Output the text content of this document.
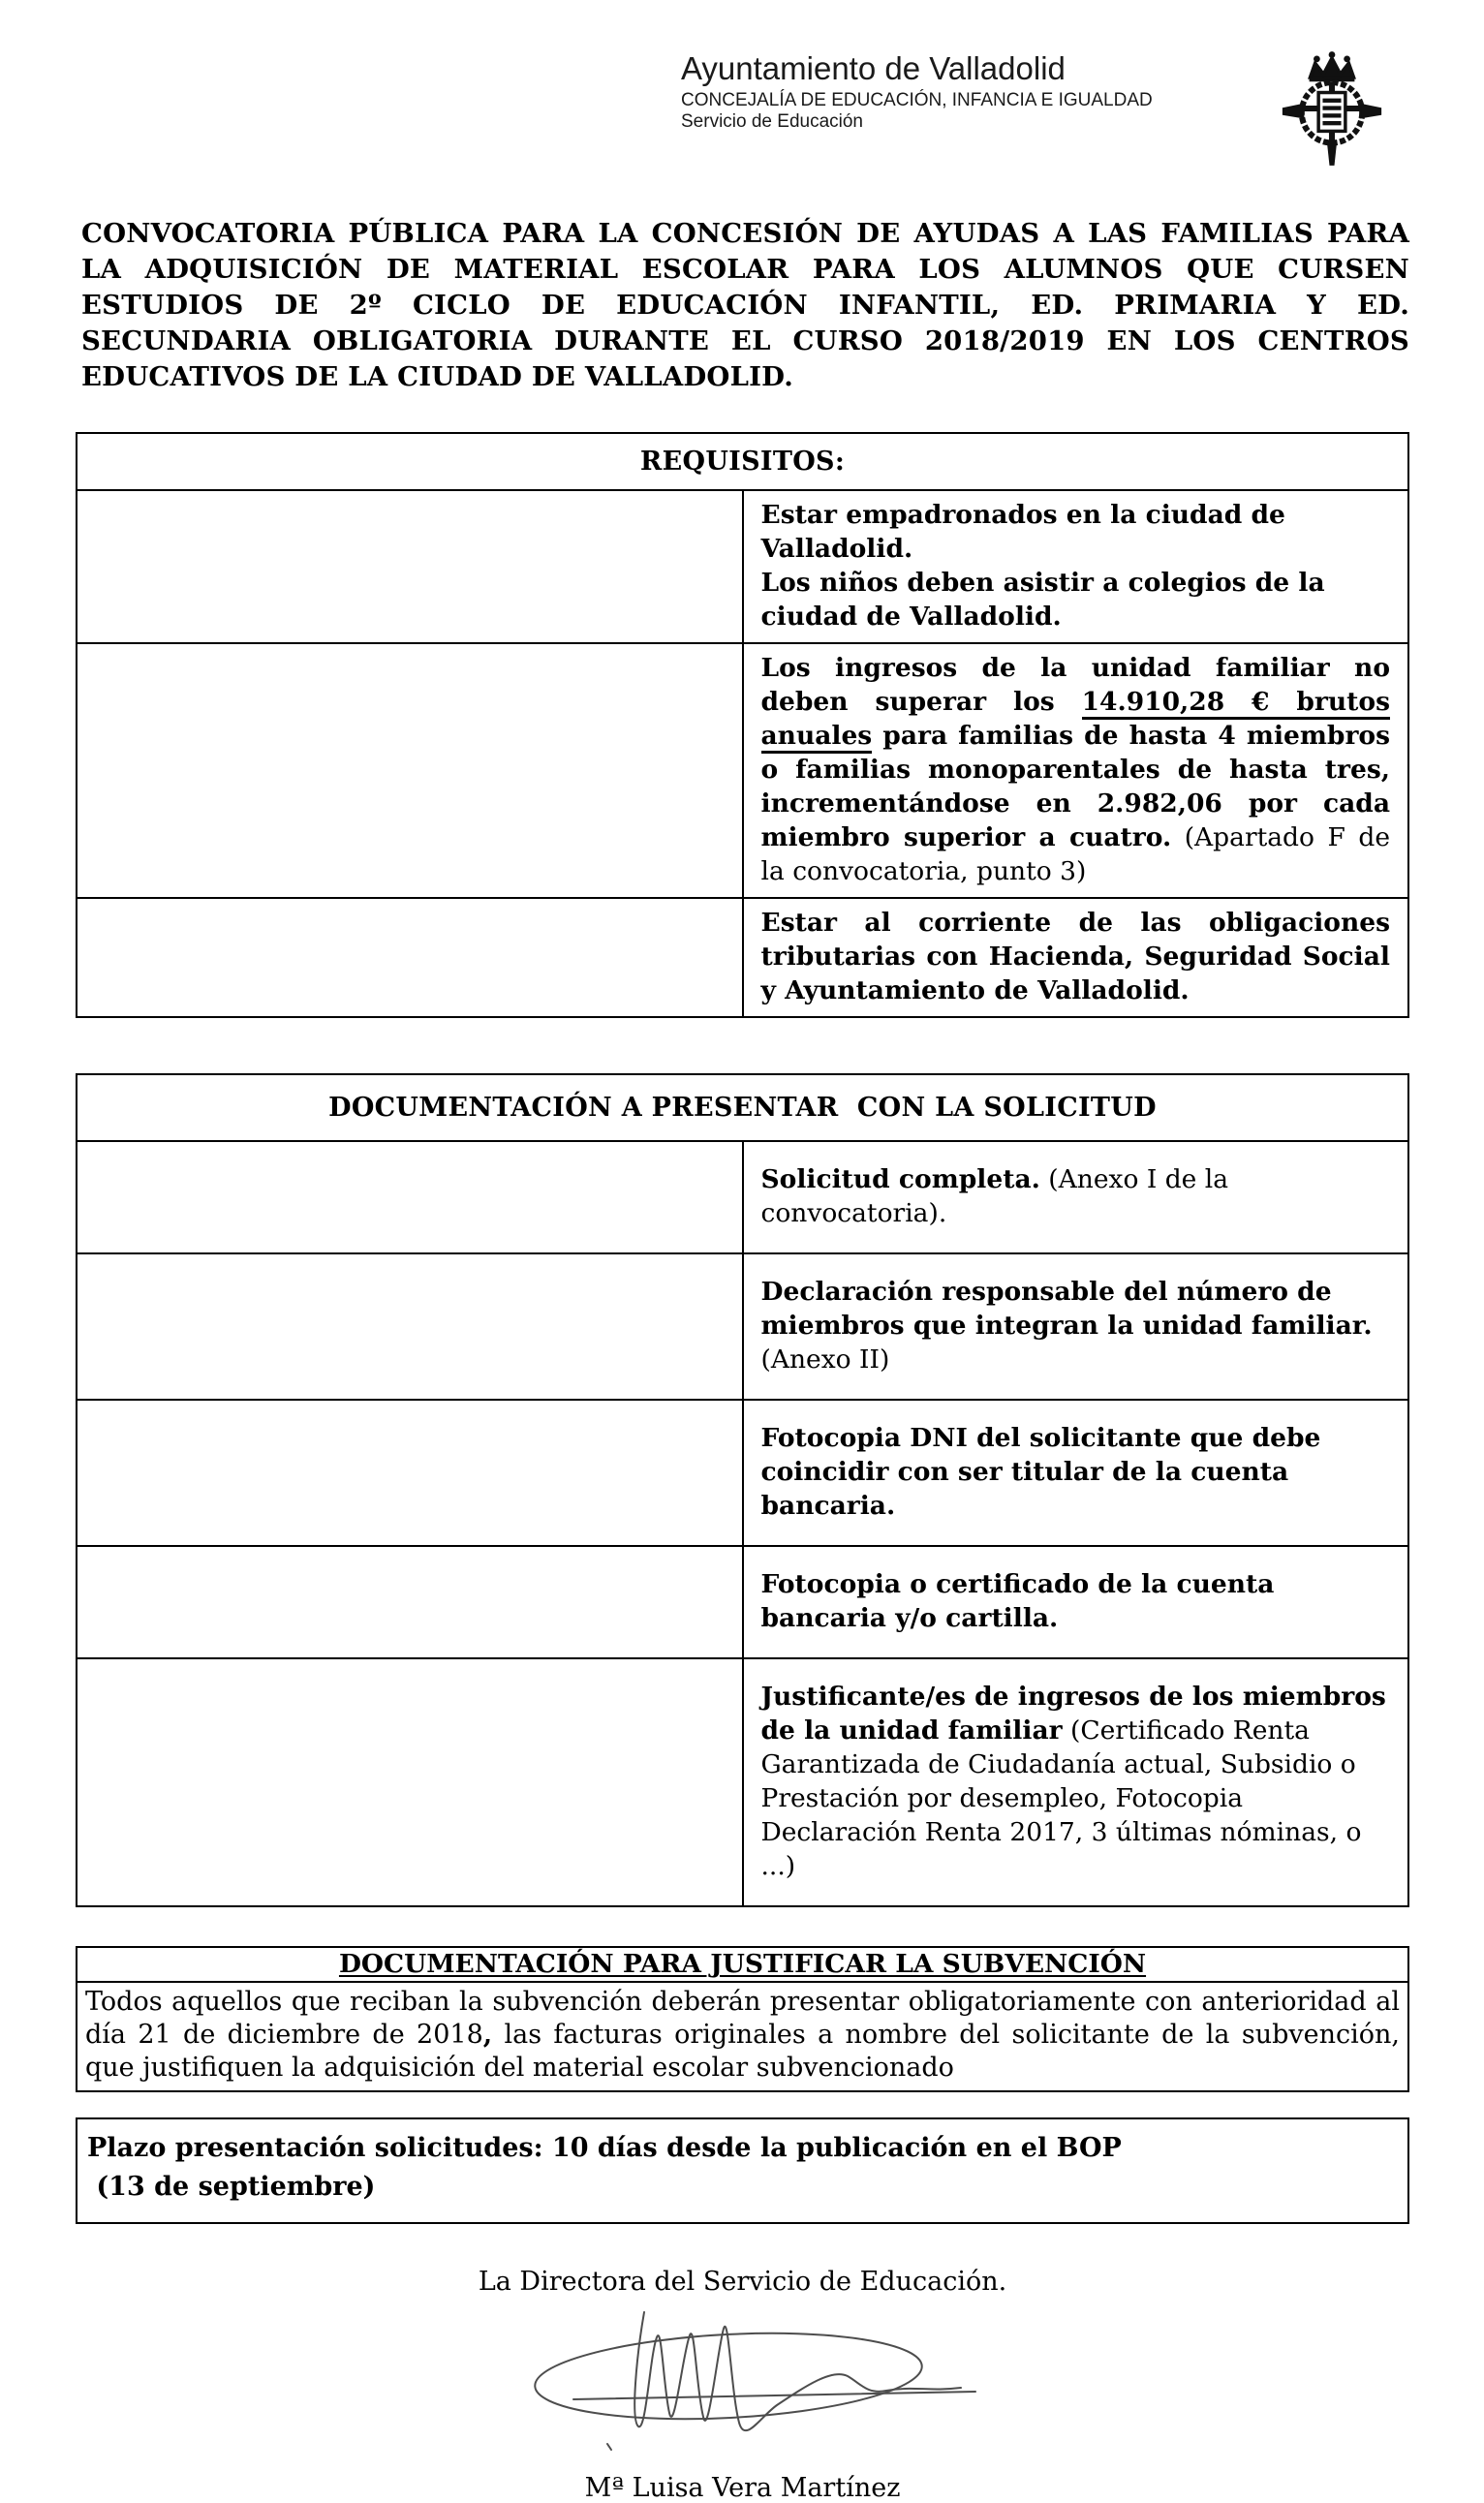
Ayuntamiento de Valladolid
CONCEJALÍA DE EDUCACIÓN, INFANCIA E IGUALDAD
Servicio de Educación

CONVOCATORIA PÚBLICA PARA LA CONCESIÓN DE AYUDAS A LAS FAMILIAS PARA LA ADQUISICIÓN DE MATERIAL ESCOLAR PARA LOS ALUMNOS QUE CURSEN ESTUDIOS DE 2º CICLO DE EDUCACIÓN INFANTIL, ED. PRIMARIA Y ED. SECUNDARIA OBLIGATORIA DURANTE EL CURSO 2018/2019 EN LOS CENTROS EDUCATIVOS DE LA CIUDAD DE VALLADOLID.

REQUISITOS:	

	Estar empadronados en la ciudad de Valladolid.
Los niños deben asistir a colegios de la ciudad de Valladolid.

	Los ingresos de la unidad familiar no deben superar los 14.910,28 € brutos anuales para familias de hasta 4 miembros o familias monoparentales de hasta tres, incrementándose en 2.982,06 por cada miembro superior a cuatro. (Apartado F de la convocatoria, punto 3)
	Estar al corriente de las obligaciones tributarias con Hacienda, Seguridad Social y Ayuntamiento de Valladolid.
DOCUMENTACIÓN A PRESENTAR  CON LA SOLICITUD	
	Solicitud completa. (Anexo I de la convocatoria).

	Declaración responsable del número de miembros que integran la unidad familiar.
(Anexo II)

	Fotocopia DNI del solicitante que debe coincidir con ser titular de la cuenta bancaria.
	Fotocopia o certificado de la cuenta bancaria y/o cartilla.
	Justificante/es de ingresos de los miembros de la unidad familiar (Certificado Renta Garantizada de Ciudadanía actual, Subsidio o Prestación por desempleo, Fotocopia Declaración Renta 2017, 3 últimas nóminas, o ...)
DOCUMENTACIÓN PARA JUSTIFICAR LA SUBVENCIÓN
Todos aquellos que reciban la subvención deberán presentar obligatoriamente con anterioridad al día 21 de diciembre de 2018, las facturas originales a nombre del solicitante de la subvención, que justifiquen la adquisición del material escolar subvencionado
Plazo presentación solicitudes: 10 días desde la publicación en el BOP
(13 de septiembre)
La Directora del Servicio de Educación.
Mª Luisa Vera Martínez
